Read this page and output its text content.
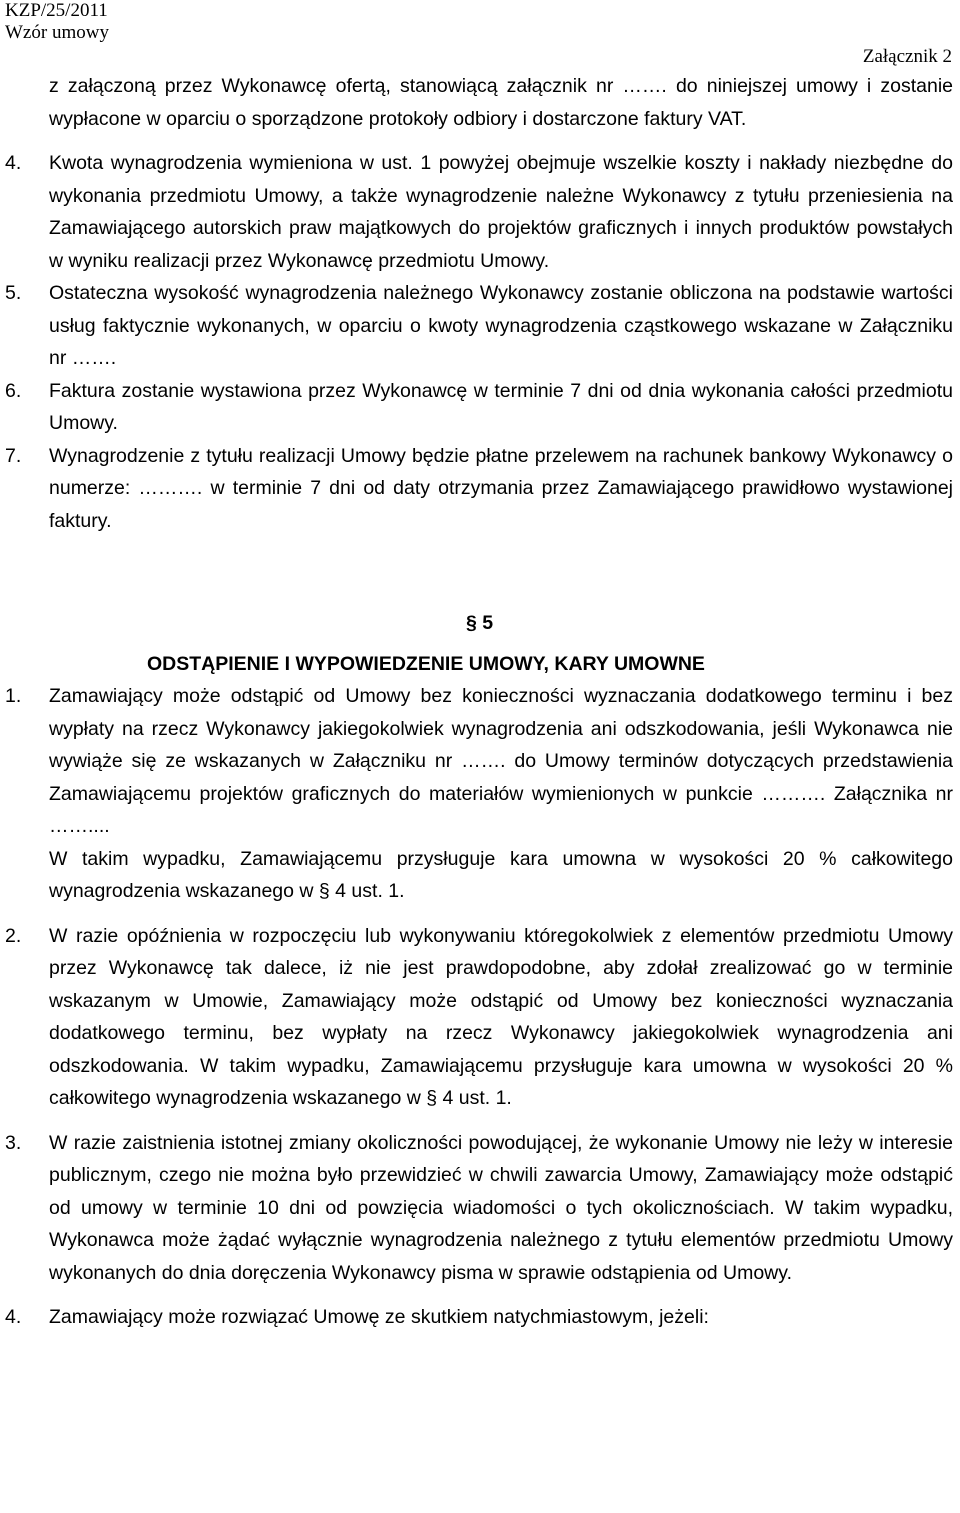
KZP/25/2011
Wzór umowy
Załącznik 2

z załączoną przez Wykonawcę ofertą, stanowiącą załącznik nr ……. do niniejszej umowy i zostanie wypłacone w oparciu o sporządzone protokoły odbiory i dostarczone faktury VAT.

4. Kwota wynagrodzenia wymieniona w ust. 1 powyżej obejmuje wszelkie koszty i nakłady niezbędne do wykonania przedmiotu Umowy, a także wynagrodzenie należne Wykonawcy z tytułu przeniesienia na Zamawiającego autorskich praw majątkowych do projektów graficznych i innych produktów powstałych w wyniku realizacji przez Wykonawcę przedmiotu Umowy.
5. Ostateczna wysokość wynagrodzenia należnego Wykonawcy zostanie obliczona na podstawie wartości usług faktycznie wykonanych, w oparciu o kwoty wynagrodzenia cząstkowego wskazane w Załączniku nr …….
6. Faktura zostanie wystawiona przez Wykonawcę w terminie 7 dni od dnia wykonania całości przedmiotu Umowy.
7. Wynagrodzenie z tytułu realizacji Umowy będzie płatne przelewem na rachunek bankowy Wykonawcy o numerze: ………. w terminie 7 dni od daty otrzymania przez Zamawiającego prawidłowo wystawionej faktury.
§ 5
ODSTĄPIENIE I WYPOWIEDZENIE UMOWY, KARY UMOWNE
1. Zamawiający może odstąpić od Umowy bez konieczności wyznaczania dodatkowego terminu i bez wypłaty na rzecz Wykonawcy jakiegokolwiek wynagrodzenia ani odszkodowania, jeśli Wykonawca nie wywiąże się ze wskazanych w Załączniku nr ……. do Umowy terminów dotyczących przedstawienia Zamawiającemu projektów graficznych do materiałów wymienionych w punkcie ………. Załącznika nr ……....
W takim wypadku, Zamawiającemu przysługuje kara umowna w wysokości 20 % całkowitego wynagrodzenia wskazanego w § 4 ust. 1.
2. W razie opóźnienia w rozpoczęciu lub wykonywaniu któregokolwiek z elementów przedmiotu Umowy przez Wykonawcę tak dalece, iż nie jest prawdopodobne, aby zdołał zrealizować go w terminie wskazanym w Umowie, Zamawiający może odstąpić od Umowy bez konieczności wyznaczania dodatkowego terminu, bez wypłaty na rzecz Wykonawcy jakiegokolwiek wynagrodzenia ani odszkodowania. W takim wypadku, Zamawiającemu przysługuje kara umowna w wysokości 20 % całkowitego wynagrodzenia wskazanego w § 4 ust. 1.
3. W razie zaistnienia istotnej zmiany okoliczności powodującej, że wykonanie Umowy nie leży w interesie publicznym, czego nie można było przewidzieć w chwili zawarcia Umowy, Zamawiający może odstąpić od umowy w terminie 10 dni od powzięcia wiadomości o tych okolicznościach. W takim wypadku, Wykonawca może żądać wyłącznie wynagrodzenia należnego z tytułu elementów przedmiotu Umowy wykonanych do dnia doręczenia Wykonawcy pisma w sprawie odstąpienia od Umowy.
4. Zamawiający może rozwiązać Umowę ze skutkiem natychmiastowym, jeżeli:
